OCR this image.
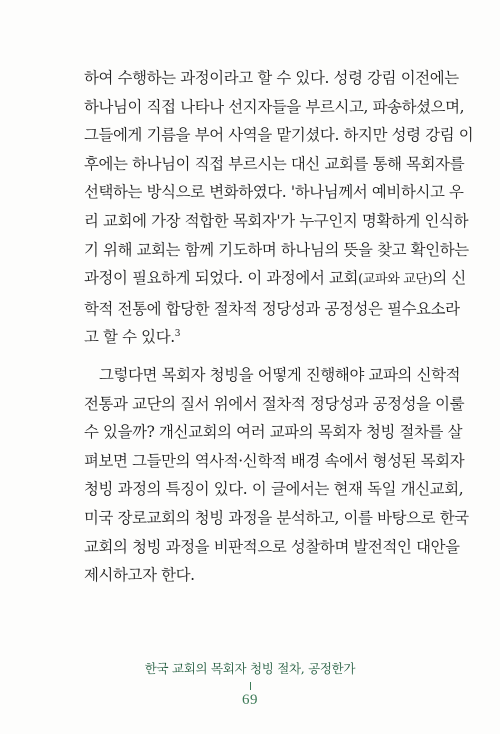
하여 수행하는 과정이라고 할 수 있다. 성령 강림 이전에는
하나님이 직접 나타나 선지자들을 부르시고, 파송하셨으며,
그들에게 기름을 부어 사역을 맡기셨다. 하지만 성령 강림 이
후에는 하나님이 직접 부르시는 대신 교회를 통해 목회자를
선택하는 방식으로 변화하였다. '하나님께서 예비하시고 우
리 교회에 가장 적합한 목회자'가 누구인지 명확하게 인식하
기 위해 교회는 함께 기도하며 하나님의 뜻을 찾고 확인하는
과정이 필요하게 되었다. 이 과정에서 교회(교파와 교단)의 신
학적 전통에 합당한 절차적 정당성과 공정성은 필수요소라
고 할 수 있다.$^3$

그렇다면 목회자 청빙을 어떻게 진행해야 교파의 신학적
전통과 교단의 질서 위에서 절차적 정당성과 공정성을 이룰
수 있을까? 개신교회의 여러 교파의 목회자 청빙 절차를 살
펴보면 그들만의 역사적·신학적 배경 속에서 형성된 목회자
청빙 과정의 특징이 있다. 이 글에서는 현재 독일 개신교회,
미국 장로교회의 청빙 과정을 분석하고, 이를 바탕으로 한국
교회의 청빙 과정을 비판적으로 성찰하며 발전적인 대안을
제시하고자 한다.

한국 교회의 목회자 청빙 절차, 공정한가
69
